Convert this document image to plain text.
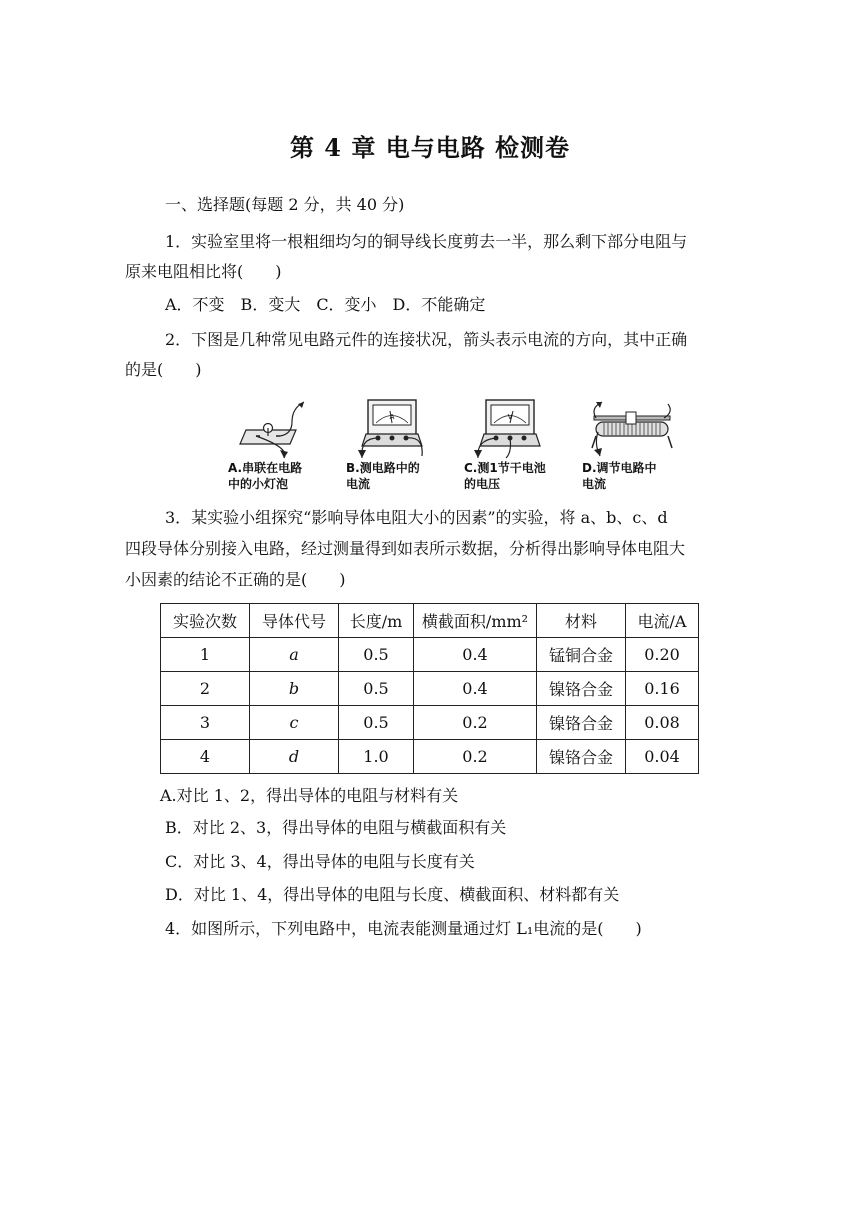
第 4 章 电与电路 检测卷
一、选择题(每题 2 分，共 40 分)
1．实验室里将一根粗细均匀的铜导线长度剪去一半，那么剩下部分电阻与
原来电阻相比将(　　)
A．不变　B．变大　C．变小　D．不能确定
2．下图是几种常见电路元件的连接状况，箭头表示电流的方向，其中正确
的是(　　)
A.串联在电路
中的小灯泡
A
B.测电路中的
电流
V
C.测1节干电池
的电压
D.调节电路中
电流
3．某实验小组探究“影响导体电阻大小的因素”的实验，将 a、b、c、d
四段导体分别接入电路，经过测量得到如表所示数据，分析得出影响导体电阻大
小因素的结论不正确的是(　　)
实验次数	导体代号	长度/m	横截面积/mm²	材料	电流/A
1	a	0.5	0.4	锰铜合金	0.20
2	b	0.5	0.4	镍铬合金	0.16
3	c	0.5	0.2	镍铬合金	0.08
4	d	1.0	0.2	镍铬合金	0.04
A.对比 1、2，得出导体的电阻与材料有关
B．对比 2、3，得出导体的电阻与横截面积有关
C．对比 3、4，得出导体的电阻与长度有关
D．对比 1、4，得出导体的电阻与长度、横截面积、材料都有关
4．如图所示，下列电路中，电流表能测量通过灯 L₁电流的是(　　)
